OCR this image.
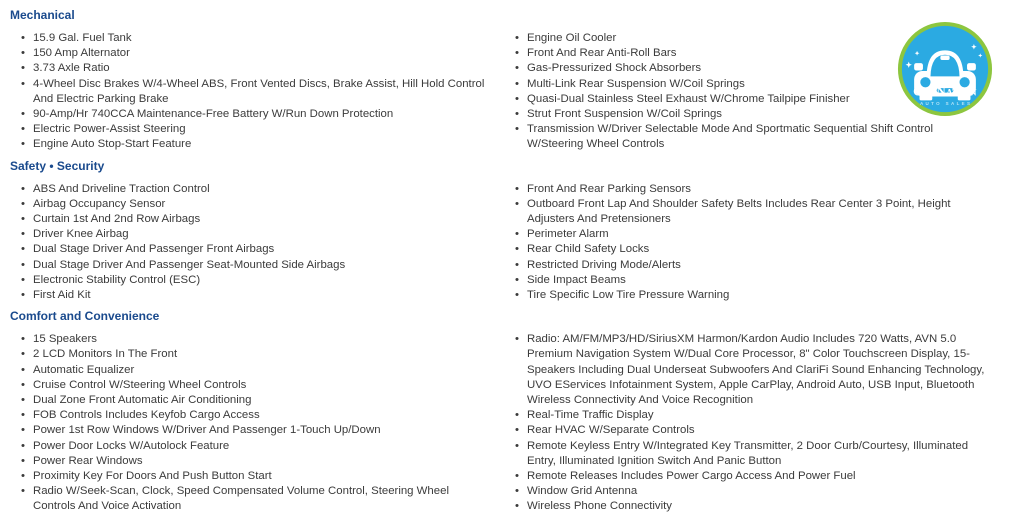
Mechanical
• 15.9 Gal. Fuel Tank
• 150 Amp Alternator
• 3.73 Axle Ratio
• 4-Wheel Disc Brakes W/4-Wheel ABS, Front Vented Discs, Brake Assist, Hill Hold Control And Electric Parking Brake
• 90-Amp/Hr 740CCA Maintenance-Free Battery W/Run Down Protection
• Electric Power-Assist Steering
• Engine Auto Stop-Start Feature
• Engine Oil Cooler
• Front And Rear Anti-Roll Bars
• Gas-Pressurized Shock Absorbers
• Multi-Link Rear Suspension W/Coil Springs
• Quasi-Dual Stainless Steel Exhaust W/Chrome Tailpipe Finisher
• Strut Front Suspension W/Coil Springs
• Transmission W/Driver Selectable Mode And Sportmatic Sequential Shift Control W/Steering Wheel Controls
Safety • Security
• ABS And Driveline Traction Control
• Airbag Occupancy Sensor
• Curtain 1st And 2nd Row Airbags
• Driver Knee Airbag
• Dual Stage Driver And Passenger Front Airbags
• Dual Stage Driver And Passenger Seat-Mounted Side Airbags
• Electronic Stability Control (ESC)
• First Aid Kit
• Front And Rear Parking Sensors
• Outboard Front Lap And Shoulder Safety Belts Includes Rear Center 3 Point, Height Adjusters And Pretensioners
• Perimeter Alarm
• Rear Child Safety Locks
• Restricted Driving Mode/Alerts
• Side Impact Beams
• Tire Specific Low Tire Pressure Warning
Comfort and Convenience
• 15 Speakers
• 2 LCD Monitors In The Front
• Automatic Equalizer
• Cruise Control W/Steering Wheel Controls
• Dual Zone Front Automatic Air Conditioning
• FOB Controls Includes Keyfob Cargo Access
• Power 1st Row Windows W/Driver And Passenger 1-Touch Up/Down
• Power Door Locks W/Autolock Feature
• Power Rear Windows
• Proximity Key For Doors And Push Button Start
• Radio W/Seek-Scan, Clock, Speed Compensated Volume Control, Steering Wheel Controls And Voice Activation
• Radio: AM/FM/MP3/HD/SiriusXM Harmon/Kardon Audio Includes 720 Watts, AVN 5.0 Premium Navigation System W/Dual Core Processor, 8" Color Touchscreen Display, 15-Speakers Including Dual Underseat Subwoofers And ClariFi Sound Enhancing Technology, UVO EServices Infotainment System, Apple CarPlay, Android Auto, USB Input, Bluetooth Wireless Connectivity And Voice Recognition
• Real-Time Traffic Display
• Rear HVAC W/Separate Controls
• Remote Keyless Entry W/Integrated Key Transmitter, 2 Door Curb/Courtesy, Illuminated Entry, Illuminated Ignition Switch And Panic Button
• Remote Releases Includes Power Cargo Access And Power Fuel
• Window Grid Antenna
• Wireless Phone Connectivity
CarNation
AUTO SALES
